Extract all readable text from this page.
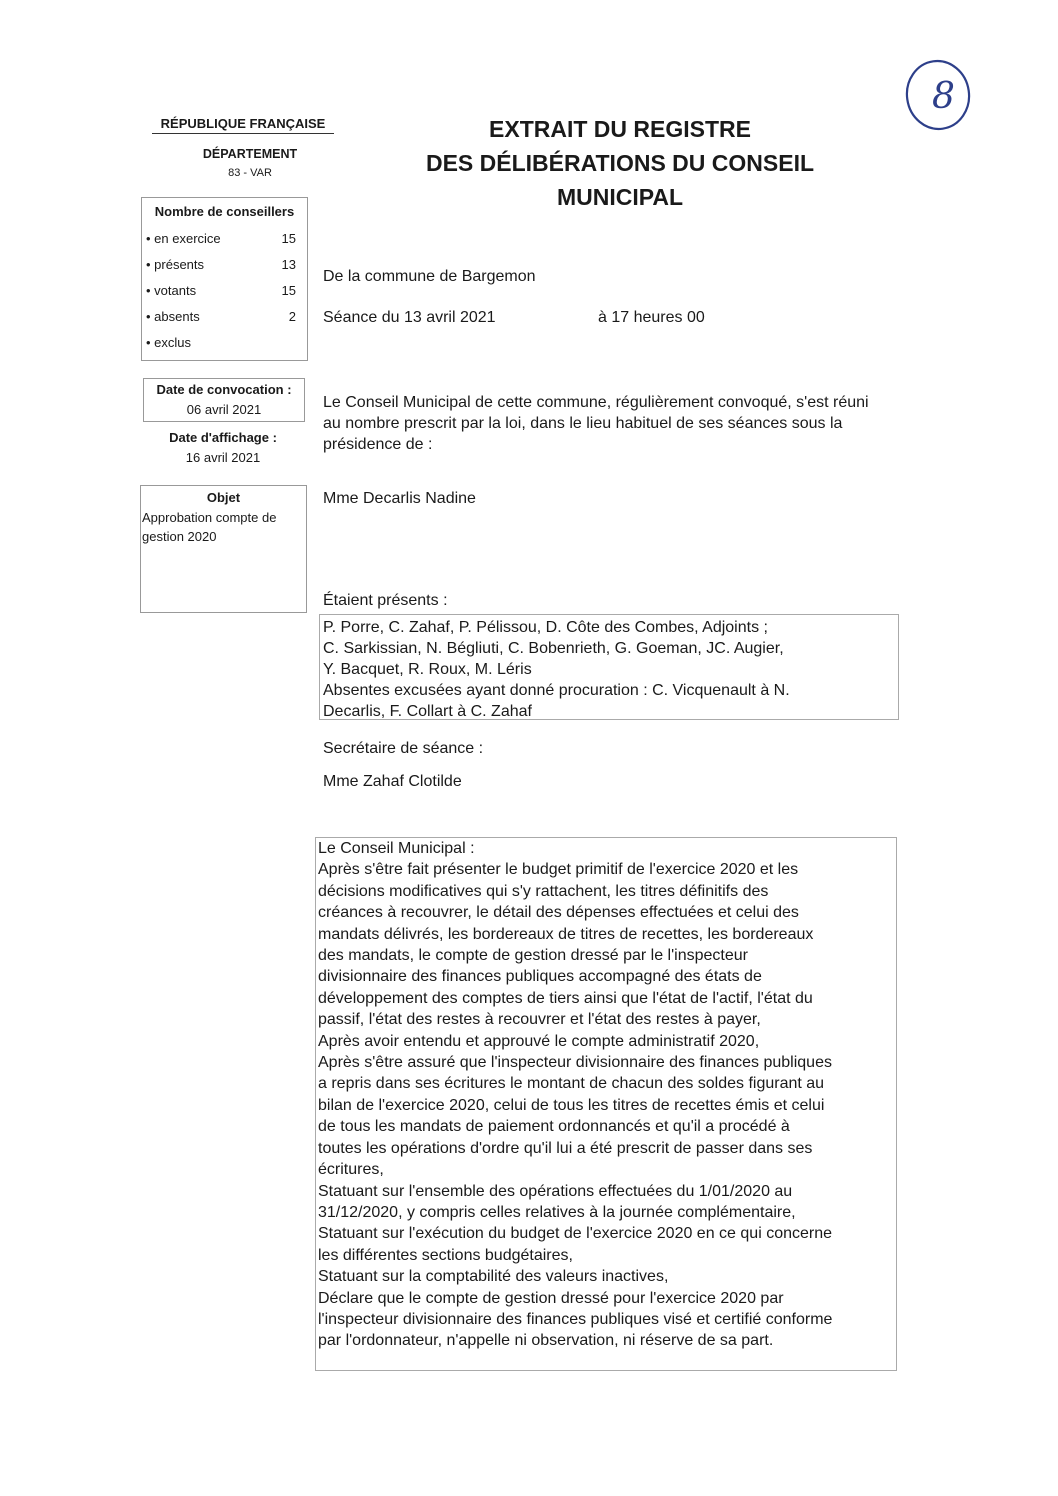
8
RÉPUBLIQUE FRANÇAISE
DÉPARTEMENT
83 - VAR
EXTRAIT DU REGISTRE
DES DÉLIBÉRATIONS DU CONSEIL
MUNICIPAL
Nombre de conseillers
• en exercice	15
• présents	13
• votants	15
• absents	2
• exclus
Date de convocation :
06 avril 2021
Date d'affichage :
16 avril 2021
Objet
Approbation compte de gestion 2020
De la commune de Bargemon
Séance du 13 avril 2021	à 17 heures 00
Le Conseil Municipal de cette commune, régulièrement convoqué, s'est réuni au nombre prescrit par la loi, dans le lieu habituel de ses séances sous la présidence de :
Mme Decarlis Nadine
Étaient présents :
P. Porre, C. Zahaf, P. Pélissou, D. Côte des Combes, Adjoints ;
C. Sarkissian, N. Bégliuti, C. Bobenrieth, G. Goeman, JC. Augier,
Y. Bacquet, R. Roux, M. Léris
Absentes excusées ayant donné procuration : C. Vicquenault à N.
Decarlis, F. Collart à C. Zahaf
Secrétaire de séance :
Mme Zahaf Clotilde
Le Conseil Municipal :
Après s'être fait présenter le budget primitif de l'exercice 2020 et les
décisions modificatives qui s'y rattachent, les titres définitifs des
créances à recouvrer, le détail des dépenses effectuées et celui des
mandats délivrés, les bordereaux de titres de recettes, les bordereaux
des mandats, le compte de gestion dressé par le l'inspecteur
divisionnaire des finances publiques accompagné des états de
développement des comptes de tiers ainsi que l'état de l'actif, l'état du
passif, l'état des restes à recouvrer et l'état des restes à payer,
Après avoir entendu et approuvé le compte administratif 2020,
Après s'être assuré que l'inspecteur divisionnaire des finances publiques
a repris dans ses écritures le montant de chacun des soldes figurant au
bilan de l'exercice 2020, celui de tous les titres de recettes émis et celui
de tous les mandats de paiement ordonnancés et qu'il a procédé à
toutes les opérations d'ordre qu'il lui a été prescrit de passer dans ses
écritures,
Statuant sur l'ensemble des opérations effectuées du 1/01/2020 au
31/12/2020, y compris celles relatives à la journée complémentaire,
Statuant sur l'exécution du budget de l'exercice 2020 en ce qui concerne
les différentes sections budgétaires,
Statuant sur la comptabilité des valeurs inactives,
Déclare que le compte de gestion dressé pour l'exercice 2020 par
l'inspecteur divisionnaire des finances publiques visé et certifié conforme
par l'ordonnateur, n'appelle ni observation, ni réserve de sa part.
